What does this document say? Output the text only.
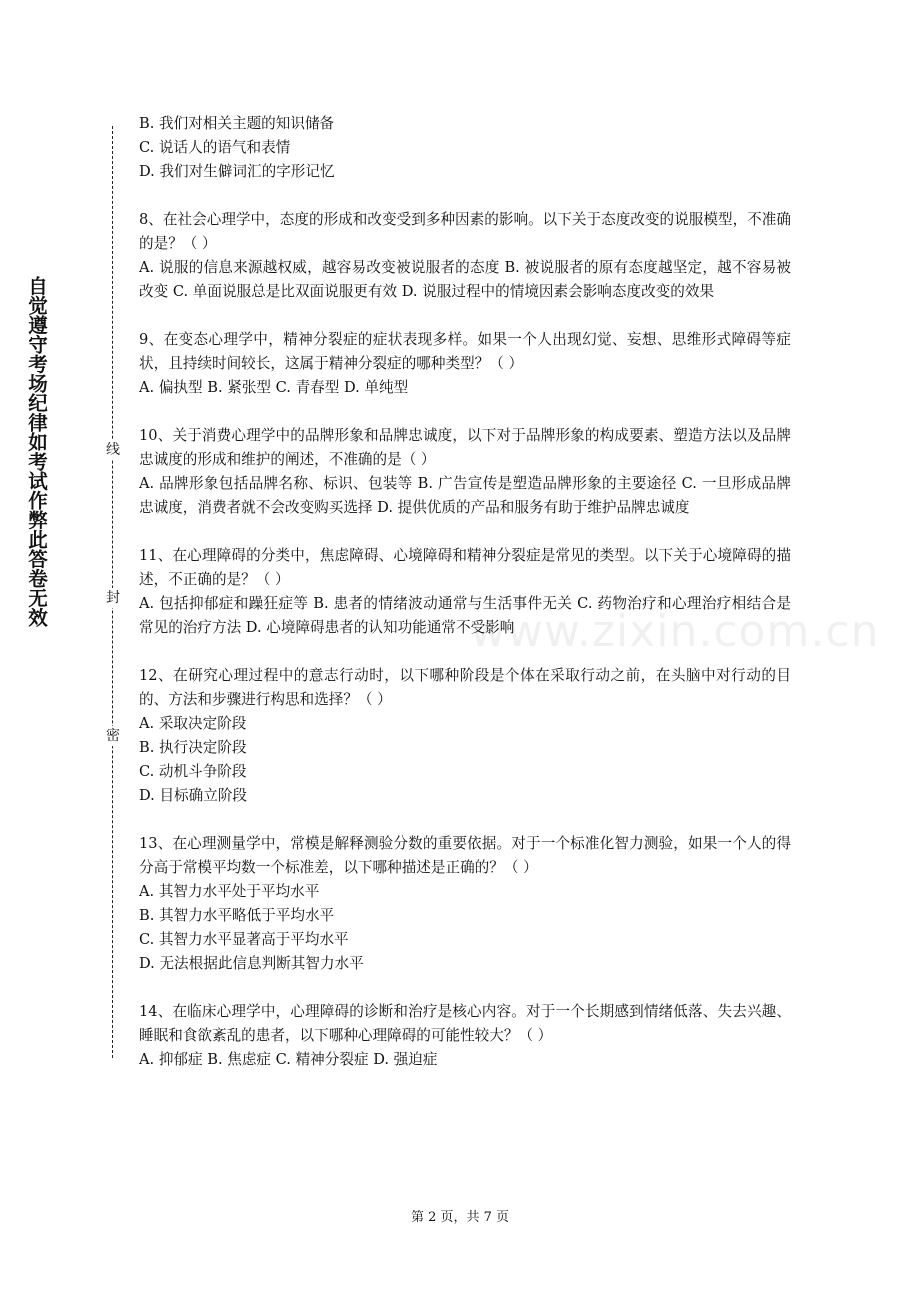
自觉遵守考场纪律如考试作弊此答卷无效	线
封
密
www.zixin.com.cn
B. 我们对相关主题的知识储备
C. 说话人的语气和表情
D. 我们对生僻词汇的字形记忆
8、在社会心理学中，态度的形成和改变受到多种因素的影响。以下关于态度改变的说服模型，不准确的是？（ ）
A. 说服的信息来源越权威，越容易改变被说服者的态度 B. 被说服者的原有态度越坚定，越不容易被改变 C. 单面说服总是比双面说服更有效 D. 说服过程中的情境因素会影响态度改变的效果
9、在变态心理学中，精神分裂症的症状表现多样。如果一个人出现幻觉、妄想、思维形式障碍等症状，且持续时间较长，这属于精神分裂症的哪种类型？（ ）
A. 偏执型 B. 紧张型 C. 青春型 D. 单纯型
10、关于消费心理学中的品牌形象和品牌忠诚度，以下对于品牌形象的构成要素、塑造方法以及品牌忠诚度的形成和维护的阐述，不准确的是（ ）
A. 品牌形象包括品牌名称、标识、包装等 B. 广告宣传是塑造品牌形象的主要途径 C. 一旦形成品牌忠诚度，消费者就不会改变购买选择 D. 提供优质的产品和服务有助于维护品牌忠诚度
11、在心理障碍的分类中，焦虑障碍、心境障碍和精神分裂症是常见的类型。以下关于心境障碍的描述，不正确的是？（ ）
A. 包括抑郁症和躁狂症等 B. 患者的情绪波动通常与生活事件无关 C. 药物治疗和心理治疗相结合是常见的治疗方法 D. 心境障碍患者的认知功能通常不受影响
12、在研究心理过程中的意志行动时，以下哪种阶段是个体在采取行动之前，在头脑中对行动的目的、方法和步骤进行构思和选择？（ ）
A. 采取决定阶段
B. 执行决定阶段
C. 动机斗争阶段
D. 目标确立阶段
13、在心理测量学中，常模是解释测验分数的重要依据。对于一个标准化智力测验，如果一个人的得分高于常模平均数一个标准差，以下哪种描述是正确的？（ ）
A. 其智力水平处于平均水平
B. 其智力水平略低于平均水平
C. 其智力水平显著高于平均水平
D. 无法根据此信息判断其智力水平
14、在临床心理学中，心理障碍的诊断和治疗是核心内容。对于一个长期感到情绪低落、失去兴趣、睡眠和食欲紊乱的患者，以下哪种心理障碍的可能性较大？（ ）
A. 抑郁症 B. 焦虑症 C. 精神分裂症 D. 强迫症
第 2 页，共 7 页
